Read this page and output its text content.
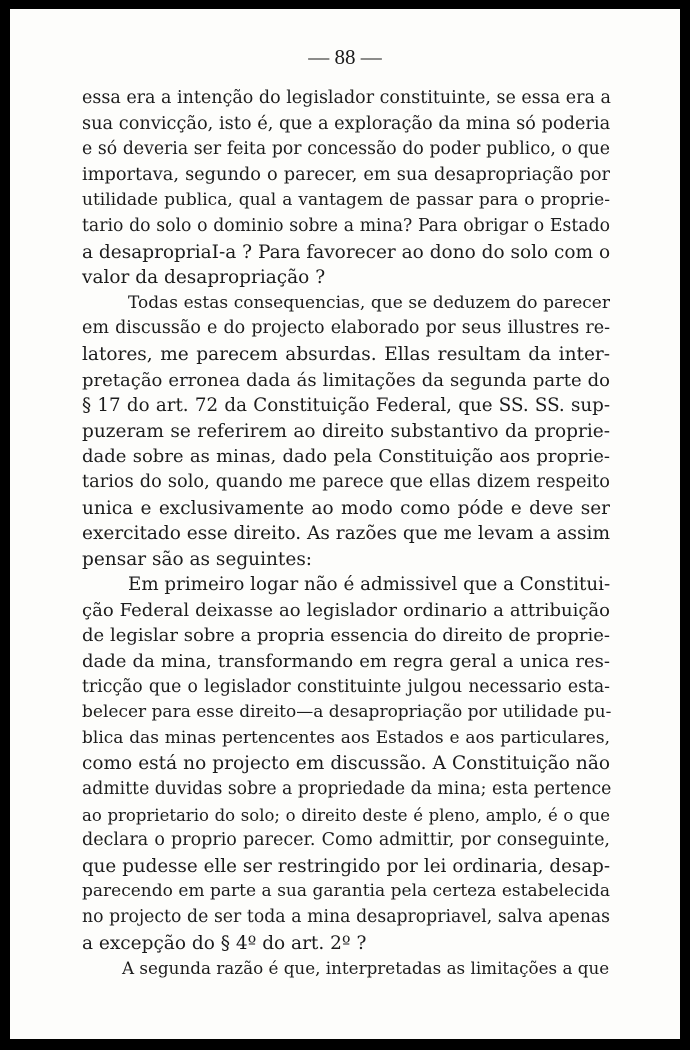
— 88 —
essa era a intenção do legislador constituinte, se essa era a
sua convicção, isto é, que a exploração da mina só poderia
e só deveria ser feita por concessão do poder publico, o que
importava, segundo o parecer, em sua desapropriação por
utilidade publica, qual a vantagem de passar para o proprie-
tario do solo o dominio sobre a mina? Para obrigar o Estado
a desapropriaI-a ? Para favorecer ao dono do solo com o
valor da desapropriação ?
Todas estas consequencias, que se deduzem do parecer
em discussão e do projecto elaborado por seus illustres re-
latores, me parecem absurdas. Ellas resultam da inter-
pretação erronea dada ás limitações da segunda parte do
§ 17 do art. 72 da Constituição Federal, que SS. SS. sup-
puzeram se referirem ao direito substantivo da proprie-
dade sobre as minas, dado pela Constituição aos proprie-
tarios do solo, quando me parece que ellas dizem respeito
unica e exclusivamente ao modo como póde e deve ser
exercitado esse direito. As razões que me levam a assim
pensar são as seguintes:
Em primeiro logar não é admissivel que a Constitui-
ção Federal deixasse ao legislador ordinario a attribuição
de legislar sobre a propria essencia do direito de proprie-
dade da mina, transformando em regra geral a unica res-
tricção que o legislador constituinte julgou necessario esta-
belecer para esse direito—a desapropriação por utilidade pu-
blica das minas pertencentes aos Estados e aos particulares,
como está no projecto em discussão. A Constituição não
admitte duvidas sobre a propriedade da mina; esta pertence
ao proprietario do solo; o direito deste é pleno, amplo, é o que
declara o proprio parecer. Como admittir, por conseguinte,
que pudesse elle ser restringido por lei ordinaria, desap-
parecendo em parte a sua garantia pela certeza estabelecida
no projecto de ser toda a mina desapropriavel, salva apenas
a excepção do § 4º do art. 2º ?
A segunda razão é que, interpretadas as limitações a que
